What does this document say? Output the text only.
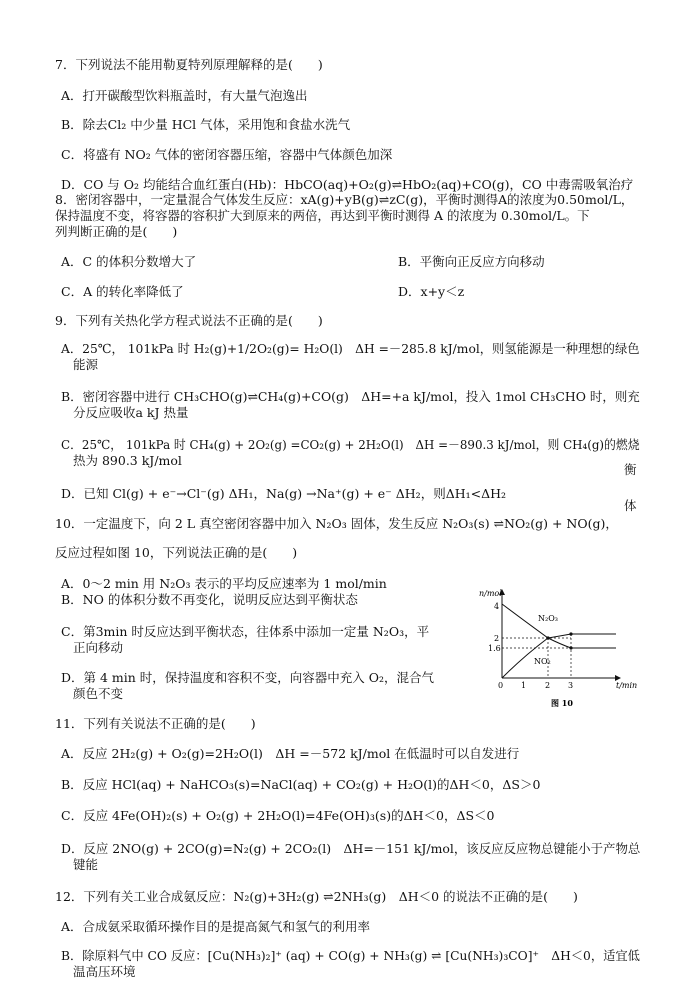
7．下列说法不能用勒夏特列原理解释的是(　　)
A．打开碳酸型饮料瓶盖时，有大量气泡逸出
B．除去Cl₂ 中少量 HCl 气体，采用饱和食盐水洗气
C．将盛有 NO₂ 气体的密闭容器压缩，容器中气体颜色加深
D．CO 与 O₂ 均能结合血红蛋白(Hb)：HbCO(aq)+O₂(g)⇌HbO₂(aq)+CO(g)，CO 中毒需吸氧治疗
8．密闭容器中，一定量混合气体发生反应：xA(g)+yB(g)⇌zC(g)，平衡时测得A的浓度为0.50mol/L，
保持温度不变，将容器的容积扩大到原来的两倍，再达到平衡时测得 A 的浓度为 0.30mol/L。下
列判断正确的是(　　)
A．C 的体积分数增大了	B．平衡向正反应方向移动
C．A 的转化率降低了	D．x+y＜z
9．下列有关热化学方程式说法不正确的是(　　)
A．25℃， 101kPa 时 H₂(g)+1/2O₂(g)= H₂O(l)　ΔH =－285.8 kJ/mol，则氢能源是一种理想的绿色
能源
B．密闭容器中进行 CH₃CHO(g)⇌CH₄(g)+CO(g)　ΔH=+a kJ/mol，投入 1mol CH₃CHO 时，则充
分反应吸收a kJ 热量
C．25℃， 101kPa 时 CH₄(g) + 2O₂(g) =CO₂(g) + 2H₂O(l)　ΔH =－890.3 kJ/mol，则 CH₄(g)的燃烧
热为 890.3 kJ/mol
衡
D．已知 Cl(g) + e⁻→Cl⁻(g) ΔH₁，Na(g) →Na⁺(g) + e⁻ ΔH₂，则ΔH₁<ΔH₂
体
10．一定温度下，向 2 L 真空密闭容器中加入 N₂O₃ 固体，发生反应 N₂O₃(s) ⇌NO₂(g) + NO(g)，
反应过程如图 10，下列说法正确的是(　　)
A．0～2 min 用 N₂O₃ 表示的平均反应速率为 1 mol/min
B．NO 的体积分数不再变化，说明反应达到平衡状态
C．第3min 时反应达到平衡状态，往体系中添加一定量 N₂O₃，平
正向移动
D．第 4 min 时，保持温度和容积不变，向容器中充入 O₂，混合气
颜色不变
n/mol
t/min
4
2
1.6
0 1 2 3
N₂O₃
NO₂
图 10
11．下列有关说法不正确的是(　　)
A．反应 2H₂(g) + O₂(g)=2H₂O(l)　ΔH =－572 kJ/mol 在低温时可以自发进行
B．反应 HCl(aq) + NaHCO₃(s)=NaCl(aq) + CO₂(g) + H₂O(l)的ΔH＜0，ΔS＞0
C．反应 4Fe(OH)₂(s) + O₂(g) + 2H₂O(l)=4Fe(OH)₃(s)的ΔH＜0，ΔS＜0
D．反应 2NO(g) + 2CO(g)=N₂(g) + 2CO₂(l)　ΔH=－151 kJ/mol，该反应反应物总键能小于产物总
键能
12．下列有关工业合成氨反应：N₂(g)+3H₂(g) ⇌2NH₃(g)　ΔH＜0 的说法不正确的是(　　)
A．合成氨采取循环操作目的是提高氮气和氢气的利用率
B．除原料气中 CO 反应：[Cu(NH₃)₂]⁺ (aq) + CO(g) + NH₃(g) ⇌ [Cu(NH₃)₃CO]⁺　ΔH＜0，适宜低
温高压环境
